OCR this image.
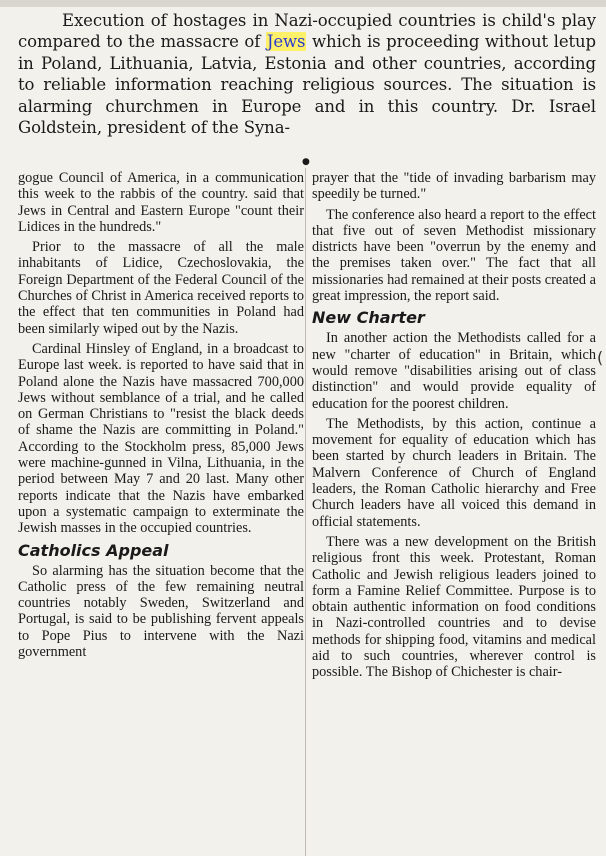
Execution of hostages in Nazi-occupied countries is child's play compared to the massacre of Jews which is proceeding without letup in Poland, Lithuania, Latvia, Estonia and other countries, according to reliable information reaching religious sources. The situation is alarming churchmen in Europe and in this country. Dr. Israel Goldstein, president of the Syna-
●

gogue Council of America, in a communication this week to the rabbis of the country. said that Jews in Central and Eastern Europe "count their Lidices in the hundreds."

Prior to the massacre of all the male inhabitants of Lidice, Czechoslovakia, the Foreign Department of the Federal Council of the Churches of Christ in America received reports to the effect that ten communities in Poland had been similarly wiped out by the Nazis.

Cardinal Hinsley of England, in a broadcast to Europe last week. is reported to have said that in Poland alone the Nazis have massacred 700,000 Jews without semblance of a trial, and he called on German Christians to "resist the black deeds of shame the Nazis are committing in Poland." According to the Stockholm press, 85,000 Jews were machine-gunned in Vilna, Lithuania, in the period between May 7 and 20 last. Many other reports indicate that the Nazis have embarked upon a systematic campaign to exterminate the Jewish masses in the occupied countries.

Catholics Appeal

So alarming has the situation become that the Catholic press of the few remaining neutral countries notably Sweden, Switzerland and Portugal, is said to be publishing fervent appeals to Pope Pius to intervene with the Nazi government

prayer that the "tide of invading barbarism may speedily be turned."

The conference also heard a report to the effect that five out of seven Methodist missionary districts have been "overrun by the enemy and the premises taken over." The fact that all missionaries had remained at their posts created a great impression, the report said.

New Charter

In another action the Methodists called for a new "charter of education" in Britain, which would remove "disabilities arising out of class distinction" and would provide equality of education for the poorest children.

The Methodists, by this action, continue a movement for equality of education which has been started by church leaders in Britain. The Malvern Conference of Church of England leaders, the Roman Catholic hierarchy and Free Church leaders have all voiced this demand in official statements.

There was a new development on the British religious front this week. Protestant, Roman Catholic and Jewish religious leaders joined to form a Famine Relief Committee. Purpose is to obtain authentic information on food conditions in Nazi-controlled countries and to devise methods for shipping food, vitamins and medical aid to such countries, wherever control is possible. The Bishop of Chichester is chair-

(
